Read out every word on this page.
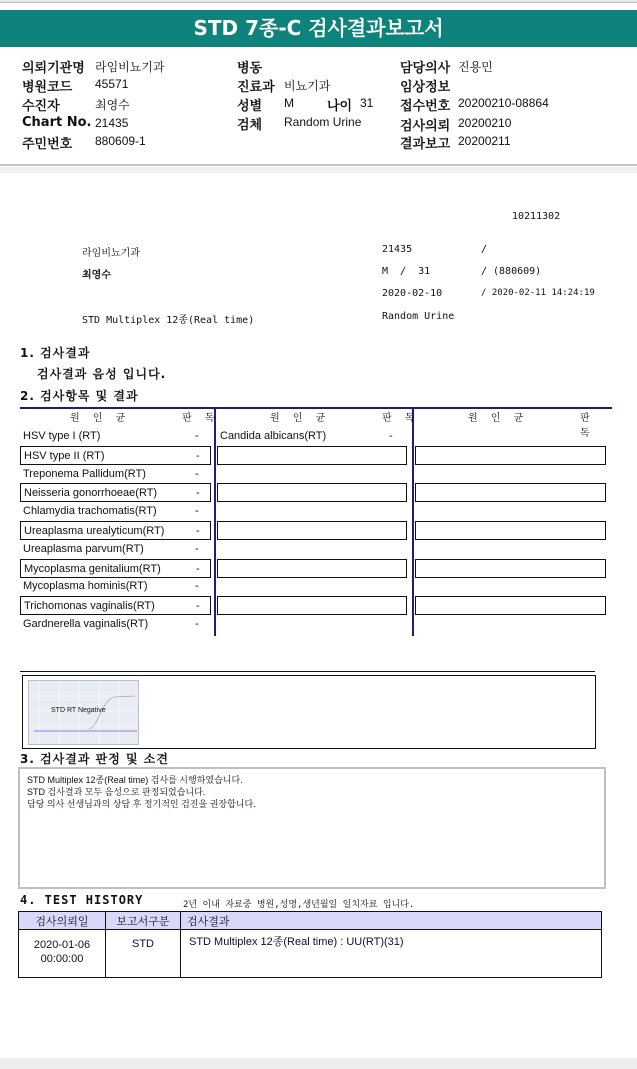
STD 7종-C 검사결과보고서
의뢰기관명 라임비뇨기과
병원코드 45571
수진자	최영수
Chart No. 21435
주민번호 880609-1
병동
진료과 비뇨기과
성별 M	나이 31
검체 Random Urine
담당의사 진용민
임상정보
접수번호 20200210-08864
검사의뢰 20200210
결과보고 20200211
10211302
라임비뇨기과
최영수
STD Multiplex 12종(Real time)
21435	/
M  /  31	/ (880609)
2020-02-10	/ 2020-02-11 14:24:19
Random Urine
1. 검사결과
검사결과 음성 입니다.
2. 검사항목 및 결과
원 인 균	판 독	원 인 균	판 독	원 인 균	판 독
HSV type I (RT)	- Candida albicans(RT)	-
HSV type II (RT)	-
Treponema Pallidum(RT)	-
Neisseria gonorrhoeae(RT)	-
Chlamydia trachomatis(RT)	-
Ureaplasma urealyticum(RT)	-
Ureaplasma parvum(RT)	-
Mycoplasma genitalium(RT)	-
Mycoplasma hominis(RT)	-
Trichomonas vaginalis(RT)	-
Gardnerella vaginalis(RT)	-
STD RT Negative
3. 검사결과 판정 및 소견
STD Multiplex 12종(Real time) 검사를 시행하였습니다.
STD 검사결과 모두 음성으로 판정되었습니다.
담당 의사 선생님과의 상담 후 정기적인 검진을 권장합니다.
4. TEST HISTORY	2년 이내 자료중 병원,성명,생년월일 일치자료 입니다.
검사의뢰일	보고서구분	검사결과
2020-01-06
00:00:00	STD	STD Multiplex 12종(Real time) : UU(RT)(31)
